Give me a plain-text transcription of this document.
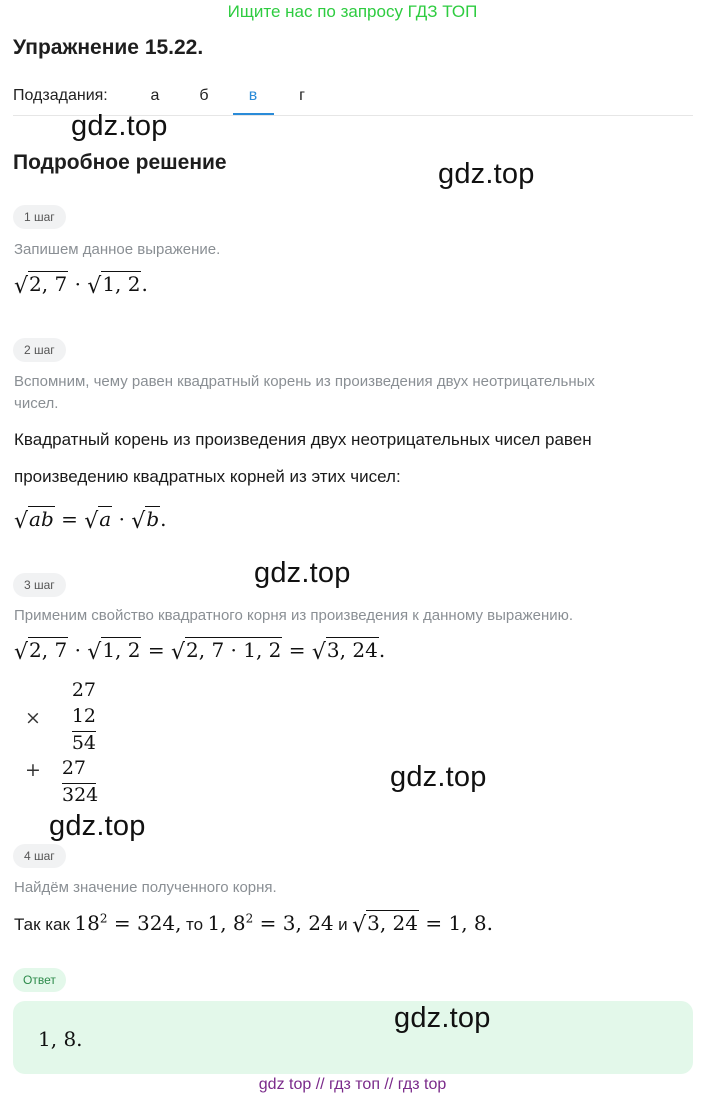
Ищите нас по запросу ГДЗ ТОП
Упражнение 15.22.
Подзадания:	а	б	в	г
gdz.top
gdz.top
Подробное решение
1 шаг
Запишем данное выражение.
√2, 7 · √1, 2.
2 шаг
Вспомним, чему равен квадратный корень из произведения двух неотрицательных
чисел.
Квадратный корень из произведения двух неотрицательных чисел равен
произведению квадратных корней из этих чисел:
√ab = √a · √b.
gdz.top
3 шаг
Применим свойство квадратного корня из произведения к данному выражению.
√2, 7 · √1, 2 = √2, 7 · 1, 2 = √3, 24.
27
×	12
54
+	27
324
gdz.top
gdz.top
4 шаг
Найдём значение полученного корня.
Так как $18^2 = 324$, то 1, $8^2 = 3$, 24 и √3, 24 = 1, 8.
Ответ
1, 8.
gdz.top
gdz top // гдз топ // гдз top
